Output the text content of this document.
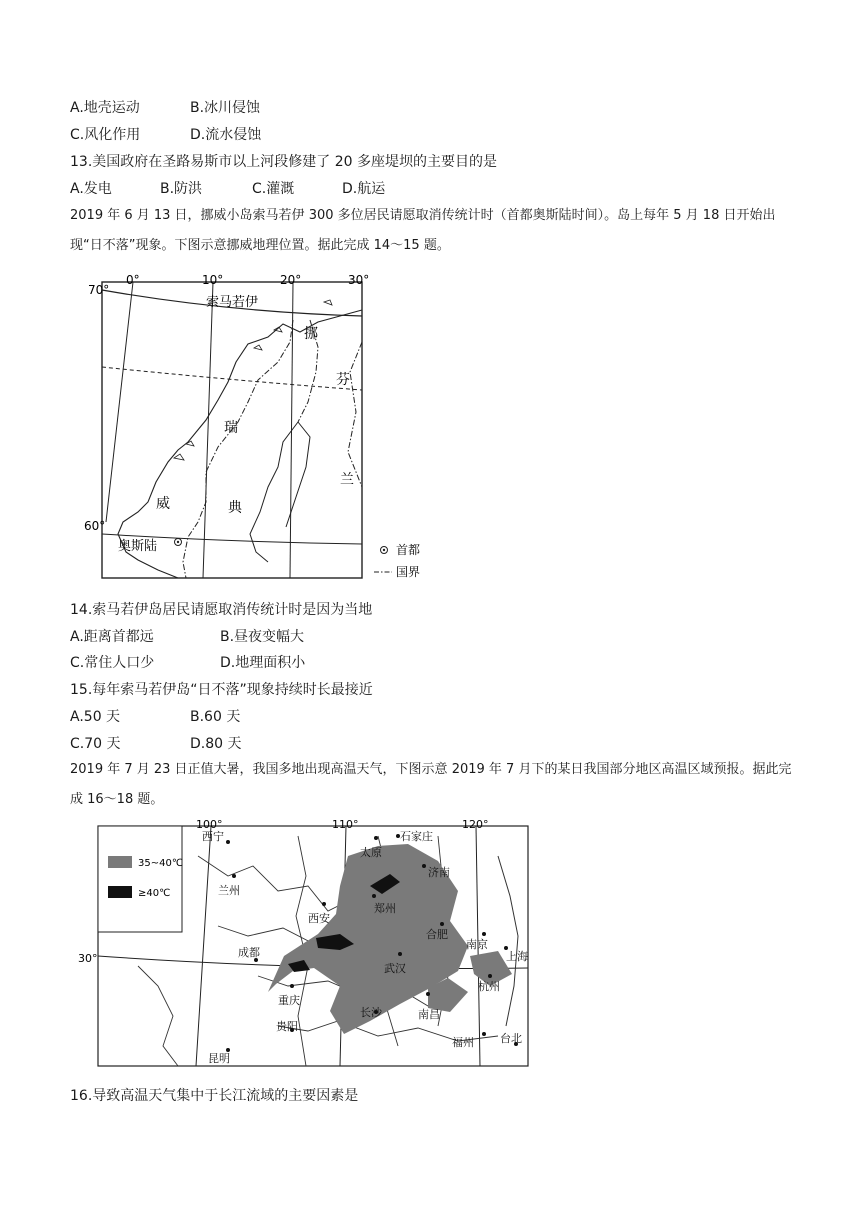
A.地壳运动	B.冰川侵蚀
C.风化作用	D.流水侵蚀
13.美国政府在圣路易斯市以上河段修建了 20 多座堤坝的主要目的是
A.发电	B.防洪	C.灌溉	D.航运
2019 年 6 月 13 日，挪威小岛索马若伊 300 多位居民请愿取消传统计时（首都奥斯陆时间）。岛上每年 5 月 18 日开始出现“日不落”现象。下图示意挪威地理位置。据此完成 14～15 题。
70°
60°
0°	10°	20°	30°
索马若伊
挪
威
瑞
典
芬
兰
奥斯陆	首都
国界
14.索马若伊岛居民请愿取消传统计时是因为当地
A.距离首都远	B.昼夜变幅大
C.常住人口少	D.地理面积小
15.每年索马若伊岛“日不落”现象持续时长最接近
A.50 天	B.60 天
C.70 天	D.80 天
2019 年 7 月 23 日正值大暑，我国多地出现高温天气，下图示意 2019 年 7 月下的某日我国部分地区高温区域预报。据此完成 16～18 题。
35~40℃
≥40℃
100°	110°	120°
30°
西宁
兰州
太原
石家庄
济南
郑州
西安
合肥
南京
上海
成都
武汉
杭州
重庆
长沙	南昌
贵阳
福州 台北
昆明
16.导致高温天气集中于长江流域的主要因素是
